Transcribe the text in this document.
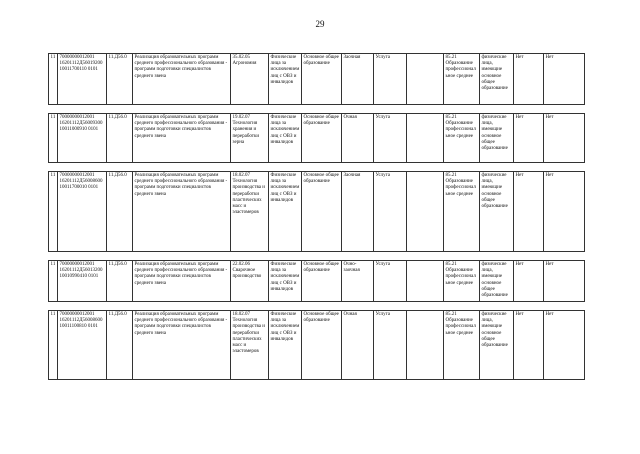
29
11	70000000012001 16201112Д5601920010011700110 0101	11.Д56.0	Реализация образовательных программ среднего профессионального образования - программ подготовки специалистов среднего звена	35.02.05 Агрономия	Физические лица за исключением лиц с ОВЗ и инвалидов	Основное общее образование	Заочная	Услуга		85.21 Образование профессиональное среднее	физические лица, имеющие основное общее образование	Нет	Нет

11	70000000012001 16201112Д5600930010011000910 0101	11.Д56.0	Реализация образовательных программ среднего профессионального образования - программ подготовки специалистов среднего звена	19.02.07 Технология хранения и переработки зерна	Физические лица за исключением лиц с ОВЗ и инвалидов	Основное общее образование	Очная	Услуга		85.21 Образование профессиональное среднее	физические лица, имеющие основное общее образование	Нет	Нет

11	70000000012001 16201112Д5600860010011700010 0101	11.Д56.0	Реализация образовательных программ среднего профессионального образования - программ подготовки специалистов среднего звена	18.02.07 Технология производства и переработки пластических масс и эластомеров	Физические лица за исключением лиц с ОВЗ и инвалидов	Основное общее образование	Заочная	Услуга		85.21 Образование профессиональное среднее	физические лица, имеющие основное общее образование	Нет	Нет

11	70000000012001 16201112Д5601320010010990410 0101	11.Д56.0	Реализация образовательных программ среднего профессионального образования - программ подготовки специалистов среднего звена	22.02.06 Сварочное производство	Физические лица за исключением лиц с ОВЗ и инвалидов	Основное общее образование	Очно-заочная	Услуга		85.21 Образование профессиональное среднее	физические лица, имеющие основное общее образование	Нет	Нет

11	70000000012001 16201112Д5600860010011100810 0101	11.Д56.0	Реализация образовательных программ среднего профессионального образования - программ подготовки специалистов среднего звена	18.02.07 Технология производства и переработки пластических масс и эластомеров	Физические лица за исключением лиц с ОВЗ и инвалидов	Основное общее образование	Очная	Услуга		85.21 Образование профессиональное среднее	физические лица, имеющие основное общее образование	Нет	Нет
